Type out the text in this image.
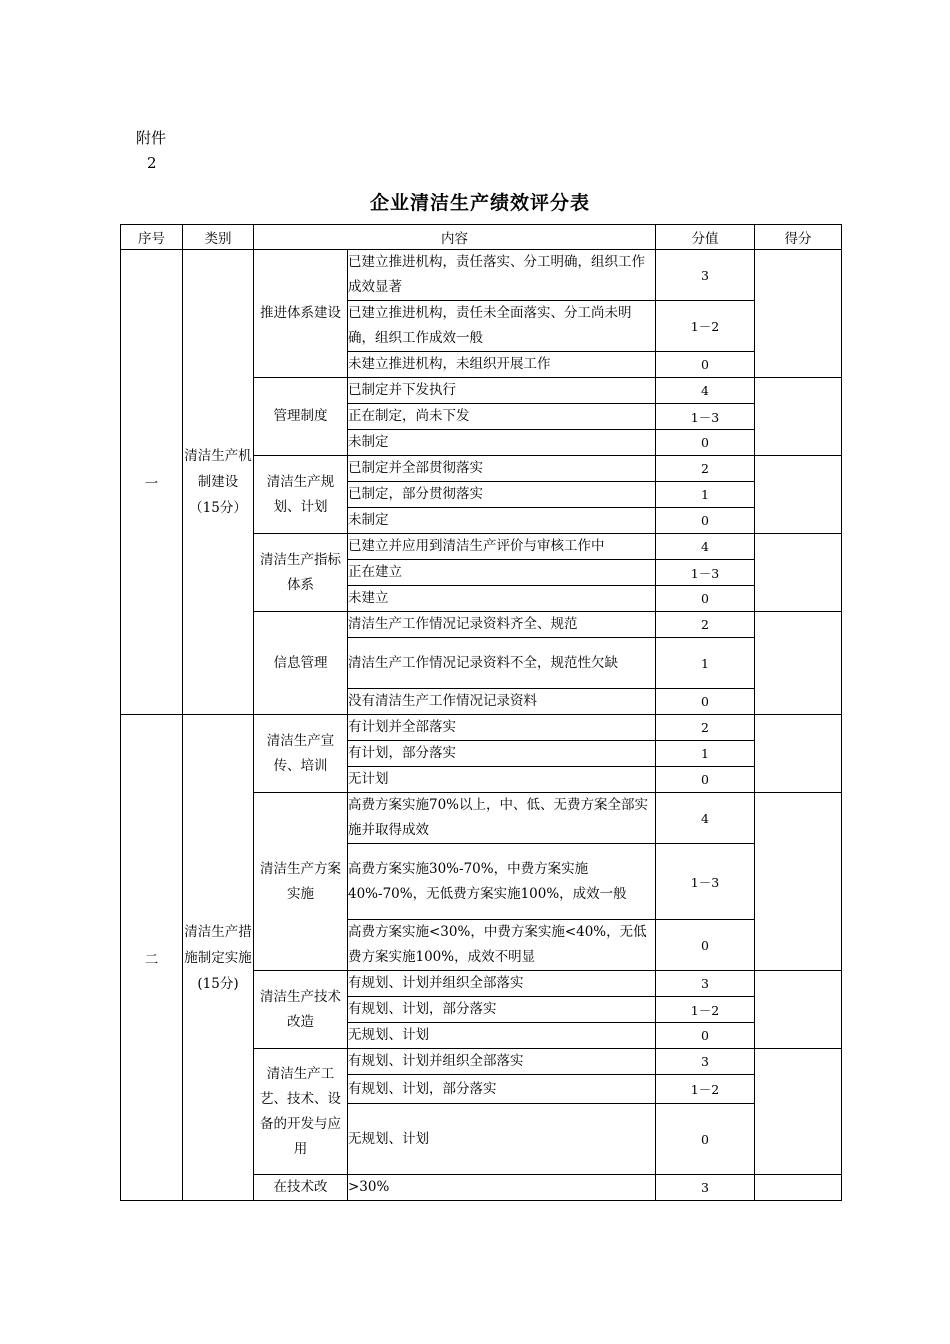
附件
2
企业清洁生产绩效评分表
序号	类别	内容		分值	得分
一	清洁生产机制建设（15分）	推进体系建设	已建立推进机构，责任落实、分工明确，组织工作成效显著	3	
			已建立推进机构，责任未全面落实、分工尚未明确，组织工作成效一般	1－2	
			未建立推进机构，未组织开展工作	0	
		管理制度	已制定并下发执行	4	
			正在制定，尚未下发	1－3	
			未制定	0	
		清洁生产规划、计划	已制定并全部贯彻落实	2	
			已制定，部分贯彻落实	1	
			未制定	0	
		清洁生产指标体系	已建立并应用到清洁生产评价与审核工作中	4	
			正在建立	1－3	
			未建立	0	
		信息管理	清洁生产工作情况记录资料齐全、规范	2	
			清洁生产工作情况记录资料不全，规范性欠缺	1	
			没有清洁生产工作情况记录资料	0	
二	清洁生产措施制定实施(15分)	清洁生产宣传、培训	有计划并全部落实	2	
			有计划，部分落实	1	
			无计划	0	
		清洁生产方案实施	高费方案实施70%以上，中、低、无费方案全部实施并取得成效	4	
			高费方案实施30%-70%，中费方案实施40%-70%，无低费方案实施100%，成效一般	1－3	
			高费方案实施<30%，中费方案实施<40%，无低费方案实施100%，成效不明显	0	
		清洁生产技术改造	有规划、计划并组织全部落实	3	
			有规划、计划，部分落实	1－2	
			无规划、计划	0	
		清洁生产工艺、技术、设备的开发与应用	有规划、计划并组织全部落实	3	
			有规划、计划，部分落实	1－2	
			无规划、计划	0	
		在技术改	>30%	3	
